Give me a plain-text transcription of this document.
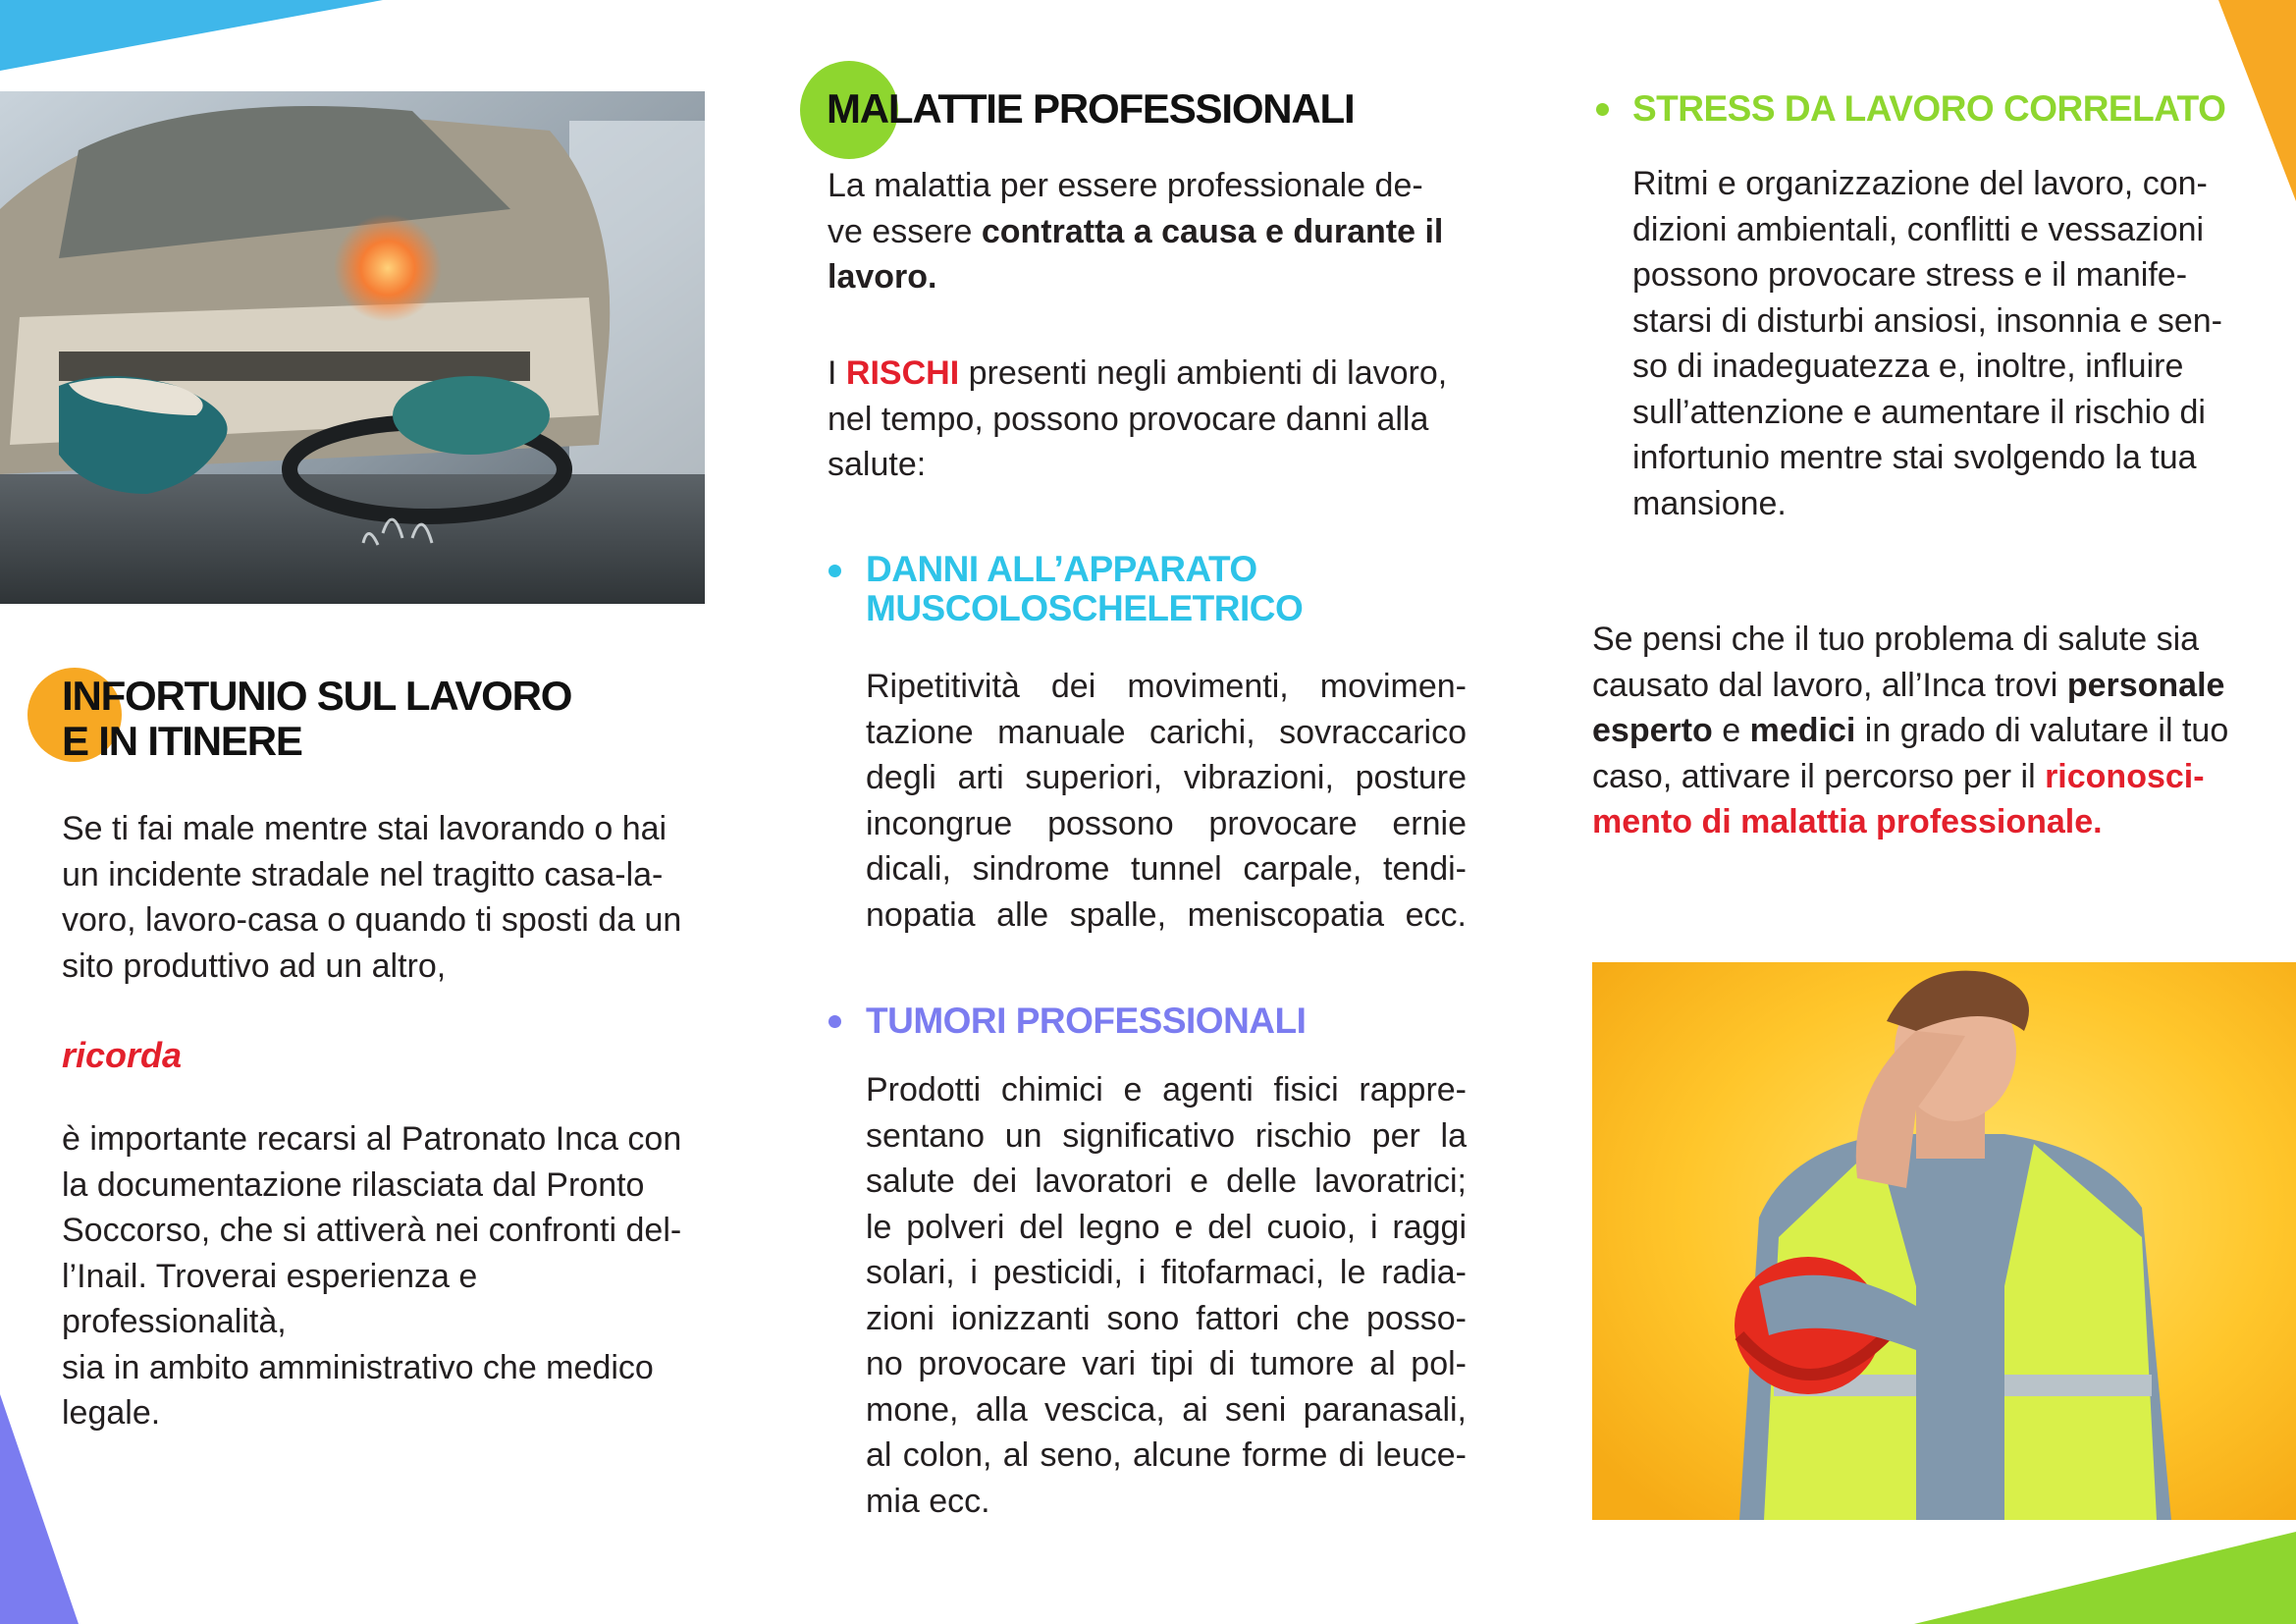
INFORTUNIO SUL LAVORO
E IN ITINERE

Se ti fai male mentre stai lavorando o hai

un incidente stradale nel tragitto casa-la-

voro, lavoro-casa o quando ti sposti da un

sito produttivo ad un altro,

ricorda

è importante recarsi al Patronato Inca con

la documentazione rilasciata dal Pronto

Soccorso, che si attiverà nei confronti del-

l’Inail. Troverai esperienza e professionalità,

sia in ambito amministrativo che medico

legale.

MALATTIE PROFESSIONALI

La malattia per essere professionale de-

ve essere contratta a causa e durante il

lavoro.

I RISCHI presenti negli ambienti di lavoro,

nel tempo, possono provocare danni alla

salute:

DANNI ALL’APPARATO
MUSCOLOSCHELETRICO

Ripetitività dei movimenti, movimen-

tazione manuale carichi, sovraccarico

degli arti superiori, vibrazioni, posture

incongrue possono provocare ernie

dicali, sindrome tunnel carpale, tendi-

nopatia alle spalle, meniscopatia ecc.

TUMORI PROFESSIONALI

Prodotti chimici e agenti fisici rappre-

sentano un significativo rischio per la

salute dei lavoratori e delle lavoratrici;

le polveri del legno e del cuoio, i raggi

solari, i pesticidi, i fitofarmaci, le radia-

zioni ionizzanti sono fattori che posso-

no provocare vari tipi di tumore al pol-

mone, alla vescica, ai seni paranasali,

al colon, al seno, alcune forme di leuce-

mia ecc.

STRESS DA LAVORO CORRELATO

Ritmi e organizzazione del lavoro, con-

dizioni ambientali, conflitti e vessazioni

possono provocare stress e il manife-

starsi di disturbi ansiosi, insonnia e sen-

so di inadeguatezza e, inoltre, influire

sull’attenzione e aumentare il rischio di

infortunio mentre stai svolgendo la tua

mansione.

Se pensi che il tuo problema di salute sia

causato dal lavoro, all’Inca trovi personale

esperto e medici in grado di valutare il tuo

caso, attivare il percorso per il riconosci-

mento di malattia professionale.
